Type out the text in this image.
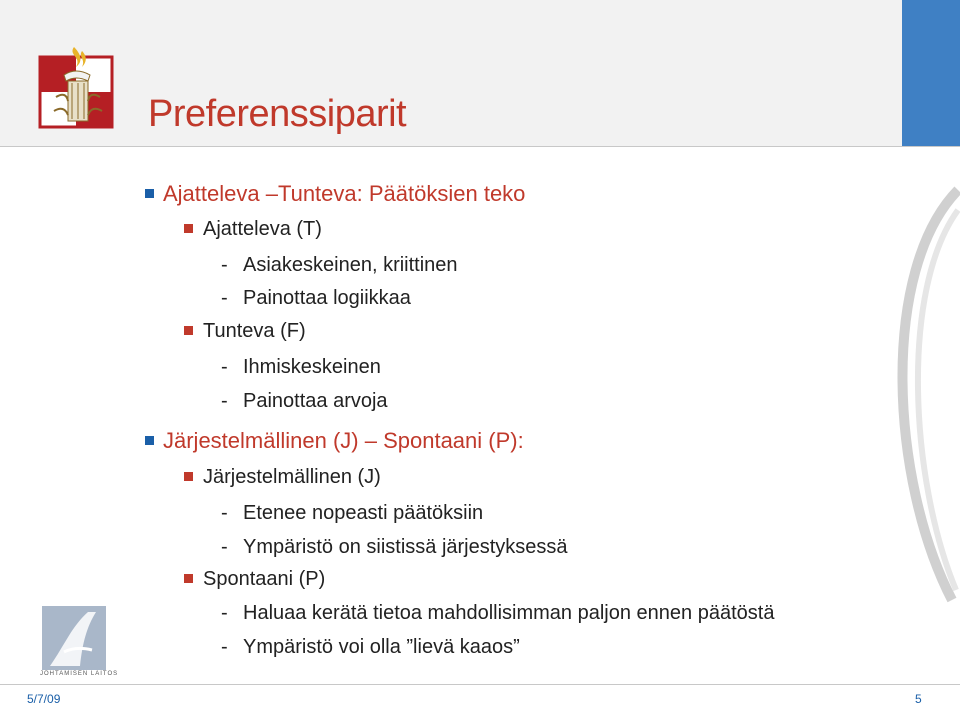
Preferenssiparit
Ajatteleva –Tunteva: Päätöksien teko
Ajatteleva (T)
- Asiakeskeinen, kriittinen
- Painottaa logiikkaa
Tunteva (F)
- Ihmiskeskeinen
- Painottaa arvoja
Järjestelmällinen (J) – Spontaani (P):
Järjestelmällinen (J)
- Etenee nopeasti päätöksiin
- Ympäristö on siistissä järjestyksessä
Spontaani (P)
- Haluaa kerätä tietoa mahdollisimman paljon ennen päätöstä
- Ympäristö voi olla ”lievä kaaos”
JOHTAMISEN LAITOS
5/7/09	5
